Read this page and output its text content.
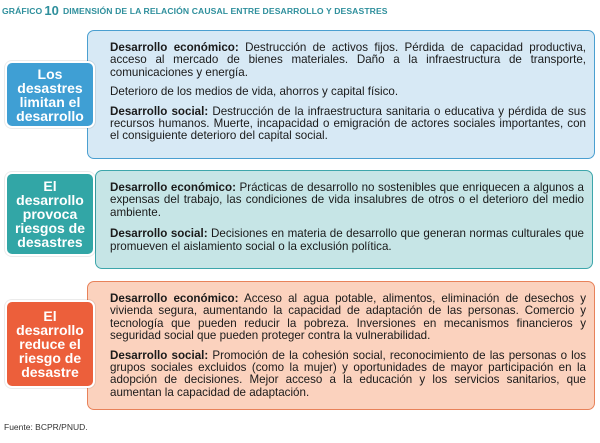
GRÁFICO 10 DIMENSIÓN DE LA RELACIÓN CAUSAL ENTRE DESARROLLO Y DESASTRES

Desarrollo económico: Destrucción de activos fijos. Pérdida de capacidad productiva, acceso al mercado de bienes materiales. Daño a la infraestructura de transporte, comunicaciones y energía.

Deterioro de los medios de vida, ahorros y capital físico.

Desarrollo social: Destrucción de la infraestructura sanitaria o educativa y pérdida de sus recursos humanos. Muerte, incapacidad o emigración de actores sociales importantes, con el consiguiente deterioro del capital social.

Los desastres limitan el desarrollo

Desarrollo económico: Prácticas de desarrollo no sostenibles que enriquecen a algunos a expensas del trabajo, las condiciones de vida insalubres de otros o el deterioro del medio ambiente.

Desarrollo social: Decisiones en materia de desarrollo que generan normas culturales que promueven el aislamiento social o la exclusión política.

El desarrollo provoca riesgos de desastres

Desarrollo económico: Acceso al agua potable, alimentos, eliminación de desechos y vivienda segura, aumentando la capacidad de adaptación de las personas. Comercio y tecnología que pueden reducir la pobreza. Inversiones en mecanismos financieros y seguridad social que pueden proteger contra la vulnerabilidad.

Desarrollo social: Promoción de la cohesión social, reconocimiento de las personas o los grupos sociales excluidos (como la mujer) y oportunidades de mayor participación en la adopción de decisiones. Mejor acceso a la educación y los servicios sanitarios, que aumentan la capacidad de adaptación.

El desarrollo reduce el riesgo de desastre
Fuente: BCPR/PNUD.
